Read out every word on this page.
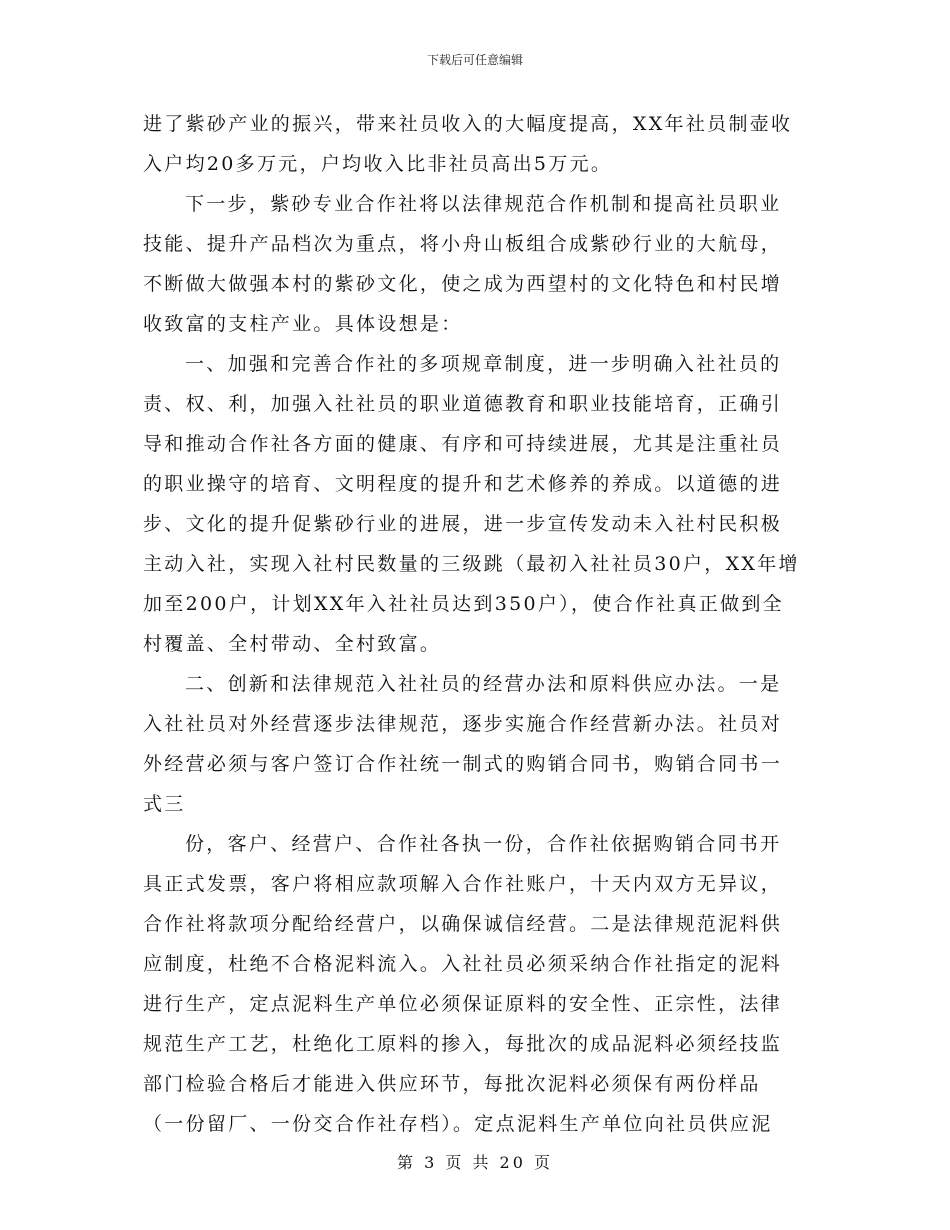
下载后可任意编辑
进了紫砂产业的振兴，带来社员收入的大幅度提高，XX年社员制壶收
入户均20多万元，户均收入比非社员高出5万元。
下一步，紫砂专业合作社将以法律规范合作机制和提高社员职业
技能、提升产品档次为重点，将小舟山板组合成紫砂行业的大航母，
不断做大做强本村的紫砂文化，使之成为西望村的文化特色和村民增
收致富的支柱产业。具体设想是：
一、加强和完善合作社的多项规章制度，进一步明确入社社员的
责、权、利，加强入社社员的职业道德教育和职业技能培育，正确引
导和推动合作社各方面的健康、有序和可持续进展，尤其是注重社员
的职业操守的培育、文明程度的提升和艺术修养的养成。以道德的进
步、文化的提升促紫砂行业的进展，进一步宣传发动未入社村民积极
主动入社，实现入社村民数量的三级跳（最初入社社员30户，XX年增
加至200户，计划XX年入社社员达到350户），使合作社真正做到全
村覆盖、全村带动、全村致富。
二、创新和法律规范入社社员的经营办法和原料供应办法。一是
入社社员对外经营逐步法律规范，逐步实施合作经营新办法。社员对
外经营必须与客户签订合作社统一制式的购销合同书，购销合同书一
式三
份，客户、经营户、合作社各执一份，合作社依据购销合同书开
具正式发票，客户将相应款项解入合作社账户，十天内双方无异议，
合作社将款项分配给经营户，以确保诚信经营。二是法律规范泥料供
应制度，杜绝不合格泥料流入。入社社员必须采纳合作社指定的泥料
进行生产，定点泥料生产单位必须保证原料的安全性、正宗性，法律
规范生产工艺，杜绝化工原料的掺入，每批次的成品泥料必须经技监
部门检验合格后才能进入供应环节，每批次泥料必须保有两份样品
（一份留厂、一份交合作社存档）。定点泥料生产单位向社员供应泥
第 3 页 共 20 页
